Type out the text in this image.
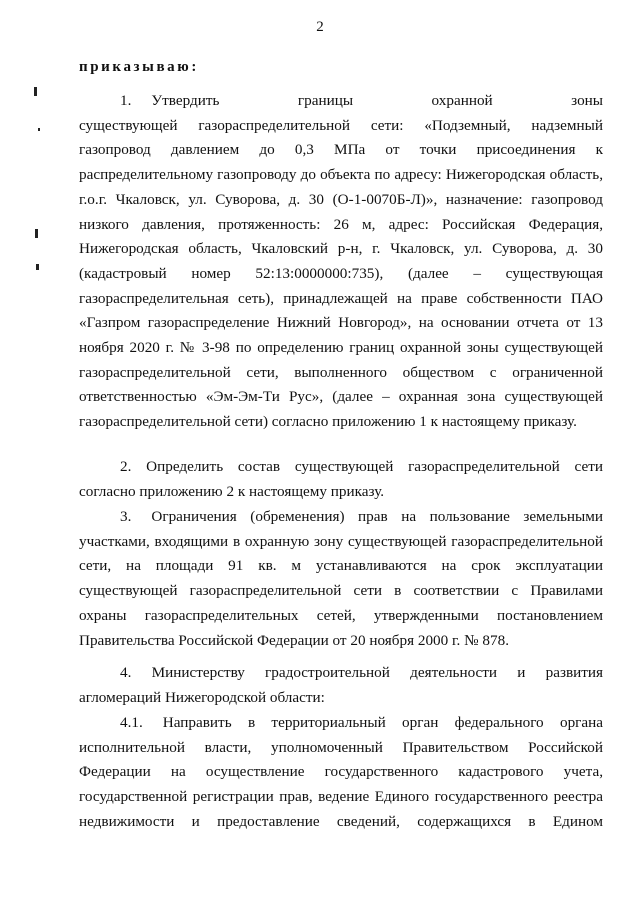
2
приказываю:
1. Утвердить границы охранной зоны существующей газораспределительной сети: «Подземный, надземный газопровод давлением до 0,3 МПа от точки присоединения к распределительному газопроводу до объекта по адресу: Нижегородская область, г.о.г. Чкаловск, ул. Суворова, д. 30 (О-1-0070Б-Л)», назначение: газопровод низкого давления, протяженность: 26 м, адрес: Российская Федерация, Нижегородская область, Чкаловский р-н, г. Чкаловск, ул. Суворова, д. 30 (кадастровый номер 52:13:0000000:735), (далее – существующая газораспределительная сеть), принадлежащей на праве собственности ПАО «Газпром газораспределение Нижний Новгород», на основании отчета от 13 ноября 2020 г. № 3-98 по определению границ охранной зоны существующей газораспределительной сети, выполненного обществом с ограниченной ответственностью «Эм-Эм-Ти Рус», (далее – охранная зона существующей газораспределительной сети) согласно приложению 1 к настоящему приказу.
2. Определить состав существующей газораспределительной сети согласно приложению 2 к настоящему приказу.
3. Ограничения (обременения) прав на пользование земельными участками, входящими в охранную зону существующей газораспределительной сети, на площади 91 кв. м устанавливаются на срок эксплуатации существующей газораспределительной сети в соответствии с Правилами охраны газораспределительных сетей, утвержденными постановлением Правительства Российской Федерации от 20 ноября 2000 г. № 878.
4. Министерству градостроительной деятельности и развития агломераций Нижегородской области:
4.1. Направить в территориальный орган федерального органа исполнительной власти, уполномоченный Правительством Российской Федерации на осуществление государственного кадастрового учета, государственной регистрации прав, ведение Единого государственного реестра недвижимости и предоставление сведений, содержащихся в Едином
